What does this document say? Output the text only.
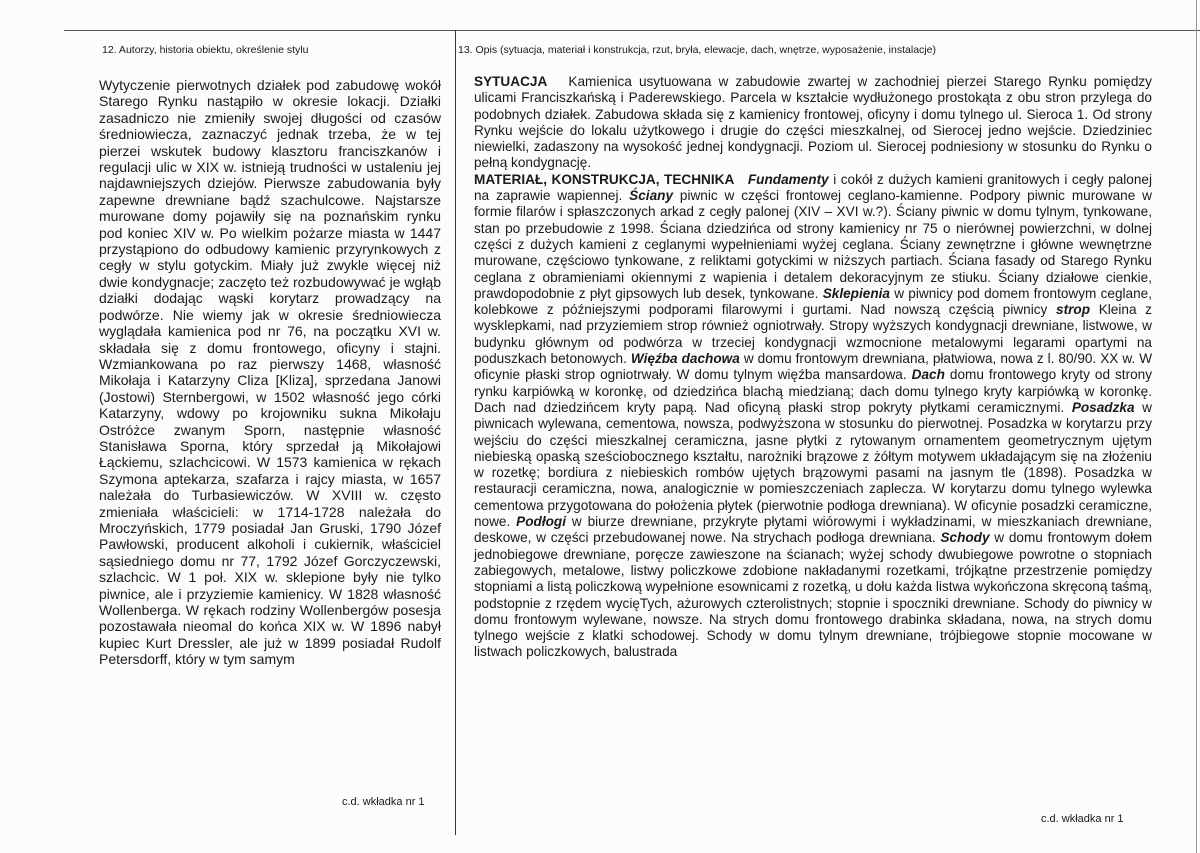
12. Autorzy, historia obiektu, określenie stylu	13. Opis (sytuacja, materiał i konstrukcja, rzut, bryła, elewacje, dach, wnętrze, wyposażenie, instalacje)

Wytyczenie pierwotnych działek pod zabudowę wokół Starego Rynku nastąpiło w okresie lokacji. Działki zasadniczo nie zmieniły swojej długości od czasów średniowiecza, zaznaczyć jednak trzeba, że w tej pierzei wskutek budowy klasztoru franciszkanów i regulacji ulic w XIX w. istnieją trudności w ustaleniu jej najdawniejszych dziejów. Pierwsze zabudowania były zapewne drewniane bądź szachulcowe. Najstarsze murowane domy pojawiły się na poznańskim rynku pod koniec XIV w. Po wielkim pożarze miasta w 1447 przystąpiono do odbudowy kamienic przyrynkowych z cegły w stylu gotyckim. Miały już zwykle więcej niż dwie kondygnacje; zaczęto też rozbudowywać je wgłąb działki dodając wąski korytarz prowadzący na podwórze. Nie wiemy jak w okresie średniowiecza wyglądała kamienica pod nr 76, na początku XVI w. składała się z domu frontowego, oficyny i stajni. Wzmiankowana po raz pierwszy 1468, własność Mikołaja i Katarzyny Cliza [Kliza], sprzedana Janowi (Jostowi) Sternbergowi, w 1502 własność jego córki Katarzyny, wdowy po krojowniku sukna Mikołaju Ostróżce zwanym Sporn, następnie własność Stanisława Sporna, który sprzedał ją Mikołajowi Łąckiemu, szlachcicowi. W 1573 kamienica w rękach Szymona aptekarza, szafarza i rajcy miasta, w 1657 należała do Turbasiewiczów. W XVIII w. często zmieniała właścicieli: w 1714-1728 należała do Mroczyńskich, 1779 posiadał Jan Gruski, 1790 Józef Pawłowski, producent alkoholi i cukiernik, właściciel sąsiedniego domu nr 77, 1792 Józef Gorczyczewski, szlachcic. W 1 poł. XIX w. sklepione były nie tylko piwnice, ale i przyziemie kamienicy. W 1828 własność Wollenberga. W rękach rodziny Wollenbergów posesja pozostawała nieomal do końca XIX w. W 1896 nabył kupiec Kurt Dressler, ale już w 1899 posiadał Rudolf Petersdorff, który w tym samym

c.d. wkładka nr 1

SYTUACJA Kamienica usytuowana w zabudowie zwartej w zachodniej pierzei Starego Rynku pomiędzy ulicami Franciszkańską i Paderewskiego. Parcela w kształcie wydłużonego prostokąta z obu stron przylega do podobnych działek. Zabudowa składa się z kamienicy frontowej, oficyny i domu tylnego ul. Sieroca 1. Od strony Rynku wejście do lokalu użytkowego i drugie do części mieszkalnej, od Sierocej jedno wejście. Dziedziniec niewielki, zadaszony na wysokość jednej kondygnacji. Poziom ul. Sierocej podniesiony w stosunku do Rynku o pełną kondygnację.

MATERIAŁ, KONSTRUKCJA, TECHNIKA Fundamenty i cokół z dużych kamieni granitowych i cegły palonej na zaprawie wapiennej. Ściany piwnic w części frontowej ceglano-kamienne. Podpory piwnic murowane w formie filarów i spłaszczonych arkad z cegły palonej (XIV – XVI w.?). Ściany piwnic w domu tylnym, tynkowane, stan po przebudowie z 1998. Ściana dziedzińca od strony kamienicy nr 75 o nierównej powierzchni, w dolnej części z dużych kamieni z ceglanymi wypełnieniami wyżej ceglana. Ściany zewnętrzne i główne wewnętrzne murowane, częściowo tynkowane, z reliktami gotyckimi w niższych partiach. Ściana fasady od Starego Rynku ceglana z obramieniami okiennymi z wapienia i detalem dekoracyjnym ze stiuku. Ściany działowe cienkie, prawdopodobnie z płyt gipsowych lub desek, tynkowane. Sklepienia w piwnicy pod domem frontowym ceglane, kolebkowe z późniejszymi podporami filarowymi i gurtami. Nad nowszą częścią piwnicy strop Kleina z wysklepkami, nad przyziemiem strop również ogniotrwały. Stropy wyższych kondygnacji drewniane, listwowe, w budynku głównym od podwórza w trzeciej kondygnacji wzmocnione metalowymi legarami opartymi na poduszkach betonowych. Więźba dachowa w domu frontowym drewniana, płatwiowa, nowa z l. 80/90. XX w. W oficynie płaski strop ogniotrwały. W domu tylnym więźba mansardowa. Dach domu frontowego kryty od strony rynku karpiówką w koronkę, od dziedzińca blachą miedzianą; dach domu tylnego kryty karpiówką w koronkę. Dach nad dziedzińcem kryty papą. Nad oficyną płaski strop pokryty płytkami ceramicznymi. Posadzka w piwnicach wylewana, cementowa, nowsza, podwyższona w stosunku do pierwotnej. Posadzka w korytarzu przy wejściu do części mieszkalnej ceramiczna, jasne płytki z rytowanym ornamentem geometrycznym ujętym niebieską opaską sześciobocznego kształtu, narożniki brązowe z żółtym motywem układającym się na złożeniu w rozetkę; bordiura z niebieskich rombów ujętych brązowymi pasami na jasnym tle (1898). Posadzka w restauracji ceramiczna, nowa, analogicznie w pomieszczeniach zaplecza. W korytarzu domu tylnego wylewka cementowa przygotowana do położenia płytek (pierwotnie podłoga drewniana). W oficynie posadzki ceramiczne, nowe. Podłogi w biurze drewniane, przykryte płytami wiórowymi i wykładzinami, w mieszkaniach drewniane, deskowe, w części przebudowanej nowe. Na strychach podłoga drewniana. Schody w domu frontowym dołem jednobiegowe drewniane, poręcze zawieszone na ścianach; wyżej schody dwubiegowe powrotne o stopniach zabiegowych, metalowe, listwy policzkowe zdobione nakładanymi rozetkami, trójkątne przestrzenie pomiędzy stopniami a listą policzkową wypełnione esownicami z rozetką, u dołu każda listwa wykończona skręconą taśmą, podstopnie z rzędem wycięTych, ażurowych czterolistnych; stopnie i spoczniki drewniane. Schody do piwnicy w domu frontowym wylewane, nowsze. Na strych domu frontowego drabinka składana, nowa, na strych domu tylnego wejście z klatki schodowej. Schody w domu tylnym drewniane, trójbiegowe stopnie mocowane w listwach policzkowych, balustrada

c.d. wkładka nr 1
